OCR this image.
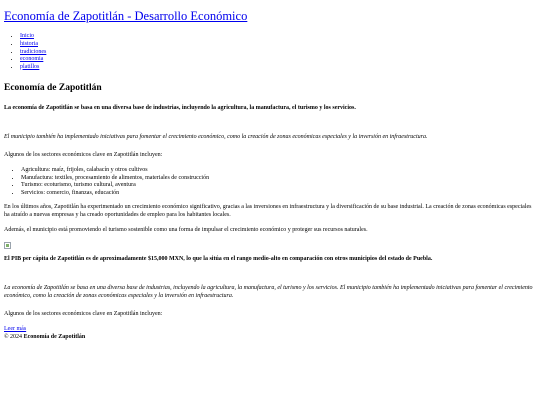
Economía de Zapotitlán - Desarrollo Económico
• Inicio
• historia
• tradiciones
• economia
• platillos
Economía de Zapotitlán

La economía de Zapotitlán se basa en una diversa base de industrias, incluyendo la agricultura, la manufactura, el turismo y los servicios.

El municipio también ha implementado iniciativas para fomentar el crecimiento económico, como la creación de zonas económicas especiales y la inversión en infraestructura.

Algunos de los sectores económicos clave en Zapotitlán incluyen:

• Agricultura: maíz, frijoles, calabacín y otros cultivos
• Manufactura: textiles, procesamiento de alimentos, materiales de construcción
• Turismo: ecoturismo, turismo cultural, aventura
• Servicios: comercio, finanzas, educación

En los últimos años, Zapotitlán ha experimentado un crecimiento económico significativo, gracias a las inversiones en infraestructura y la diversificación de su base industrial. La creación de zonas económicas especiales ha atraído a nuevas empresas y ha creado oportunidades de empleo para los habitantes locales.

Además, el municipio está promoviendo el turismo sostenible como una forma de impulsar el crecimiento económico y proteger sus recursos naturales.

El PIB per cápita de Zapotitlán es de aproximadamente $15,000 MXN, lo que la sitúa en el rango medio-alto en comparación con otros municipios del estado de Puebla.

La economía de Zapotitlán se basa en una diversa base de industrias, incluyendo la agricultura, la manufactura, el turismo y los servicios. El municipio también ha implementado iniciativas para fomentar el crecimiento económico, como la creación de zonas económicas especiales y la inversión en infraestructura.

Algunos de los sectores económicos clave en Zapotitlán incluyen:

Leer más
© 2024 Economía de Zapotitlán
